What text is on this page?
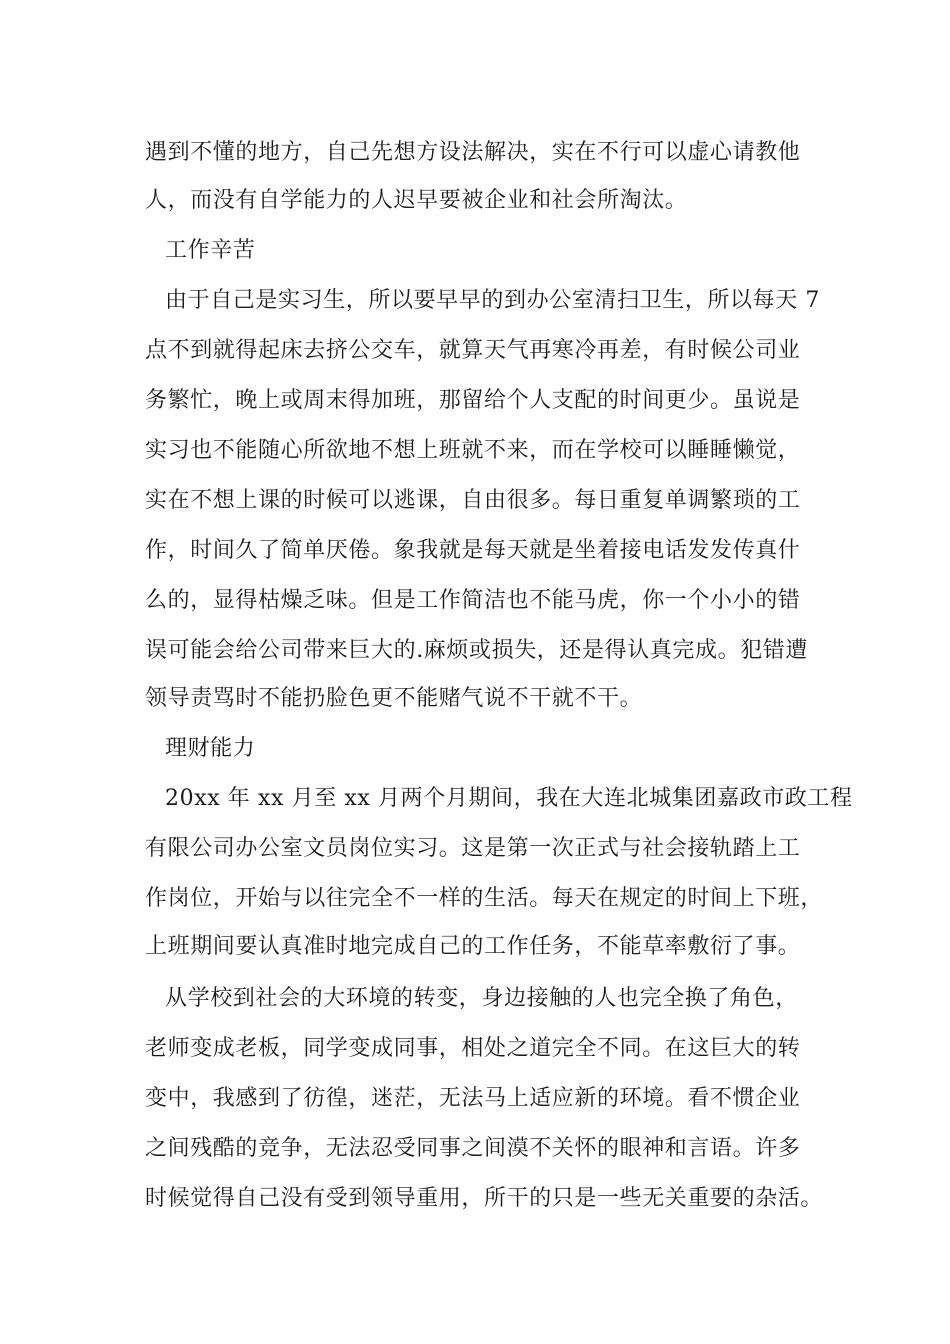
遇到不懂的地方，自己先想方设法解决，实在不行可以虚心请教他
人，而没有自学能力的人迟早要被企业和社会所淘汰。
工作辛苦
由于自己是实习生，所以要早早的到办公室清扫卫生，所以每天 7
点不到就得起床去挤公交车，就算天气再寒冷再差，有时候公司业
务繁忙，晚上或周末得加班，那留给个人支配的时间更少。虽说是
实习也不能随心所欲地不想上班就不来，而在学校可以睡睡懒觉，
实在不想上课的时候可以逃课，自由很多。每日重复单调繁琐的工
作，时间久了简单厌倦。象我就是每天就是坐着接电话发发传真什
么的，显得枯燥乏味。但是工作简洁也不能马虎，你一个小小的错
误可能会给公司带来巨大的.麻烦或损失，还是得认真完成。犯错遭
领导责骂时不能扔脸色更不能赌气说不干就不干。
理财能力
20xx 年 xx 月至 xx 月两个月期间，我在大连北城集团嘉政市政工程
有限公司办公室文员岗位实习。这是第一次正式与社会接轨踏上工
作岗位，开始与以往完全不一样的生活。每天在规定的时间上下班，
上班期间要认真准时地完成自己的工作任务，不能草率敷衍了事。
从学校到社会的大环境的转变，身边接触的人也完全换了角色，
老师变成老板，同学变成同事，相处之道完全不同。在这巨大的转
变中，我感到了彷徨，迷茫，无法马上适应新的环境。看不惯企业
之间残酷的竞争，无法忍受同事之间漠不关怀的眼神和言语。许多
时候觉得自己没有受到领导重用，所干的只是一些无关重要的杂活。
